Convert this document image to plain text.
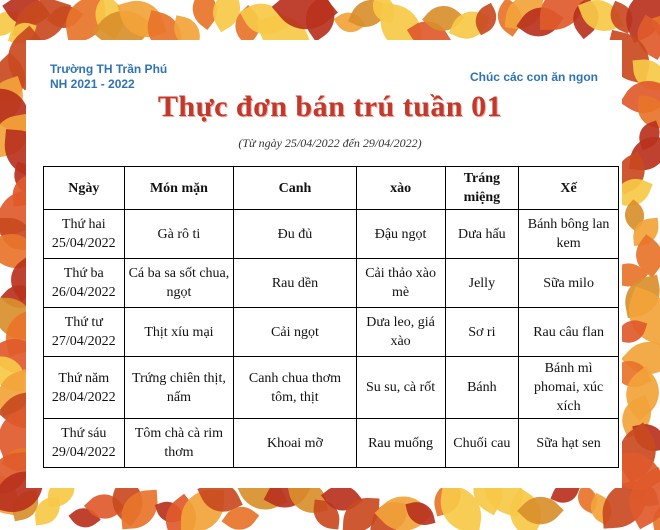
Trường TH Trần Phú
NH 2021 - 2022	Chúc các con ăn ngon
Thực đơn bán trú tuần 01
(Từ ngày 25/04/2022 đến 29/04/2022)
Ngày	Món mặn	Canh	xào	Tráng miệng	Xế

Thứ hai
25/04/2022	Gà rô ti	Đu đủ	Đậu ngọt	Dưa hấu	Bánh bông lan kem

Thứ ba
26/04/2022	Cá ba sa sốt chua, ngọt	Rau dền	Cải thảo xào mè	Jelly	Sữa milo

Thứ tư
27/04/2022	Thịt xíu mại	Cải ngọt	Dưa leo, giá xào	Sơ ri	Rau câu flan

Thứ năm
28/04/2022	Trứng chiên thịt, nấm	Canh chua thơm tôm, thịt	Su su, cà rốt	Bánh	Bánh mì phomai, xúc xích

Thứ sáu
29/04/2022	Tôm chà cà rim thơm	Khoai mỡ	Rau muống	Chuối cau	Sữa hạt sen
